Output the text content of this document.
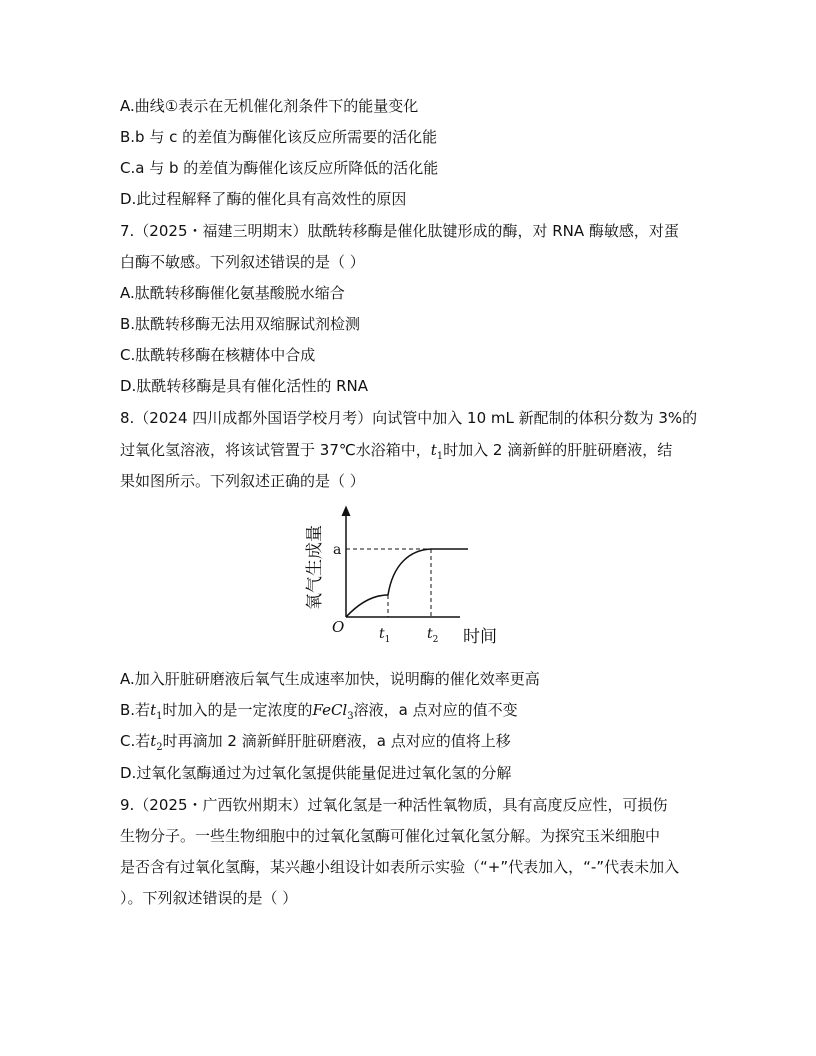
A.曲线①表示在无机催化剂条件下的能量变化
B.b 与 c 的差值为酶催化该反应所需要的活化能
C.a 与 b 的差值为酶催化该反应所降低的活化能
D.此过程解释了酶的催化具有高效性的原因
7.（2025・福建三明期末）肽酰转移酶是催化肽键形成的酶，对 RNA 酶敏感，对蛋
白酶不敏感。下列叙述错误的是（ ）
A.肽酰转移酶催化氨基酸脱水缩合
B.肽酰转移酶无法用双缩脲试剂检测
C.肽酰转移酶在核糖体中合成
D.肽酰转移酶是具有催化活性的 RNA
8.（2024 四川成都外国语学校月考）向试管中加入 10 mL 新配制的体积分数为 3%的
过氧化氢溶液，将该试管置于 37℃水浴箱中，$t_1$时加入 2 滴新鲜的肝脏研磨液，结
果如图所示。下列叙述正确的是（ ）
a
O $t_1$	$t_2$ 时间
氧气生成量
A.加入肝脏研磨液后氧气生成速率加快，说明酶的催化效率更高
B.若$t_1$时加入的是一定浓度的FeCl$_3$溶液，a 点对应的值不变
C.若$t_2$时再滴加 2 滴新鲜肝脏研磨液，a 点对应的值将上移
D.过氧化氢酶通过为过氧化氢提供能量促进过氧化氢的分解
9.（2025・广西钦州期末）过氧化氢是一种活性氧物质，具有高度反应性，可损伤
生物分子。一些生物细胞中的过氧化氢酶可催化过氧化氢分解。为探究玉米细胞中
是否含有过氧化氢酶，某兴趣小组设计如表所示实验（“+”代表加入，“-”代表未加入
）。下列叙述错误的是（ ）
